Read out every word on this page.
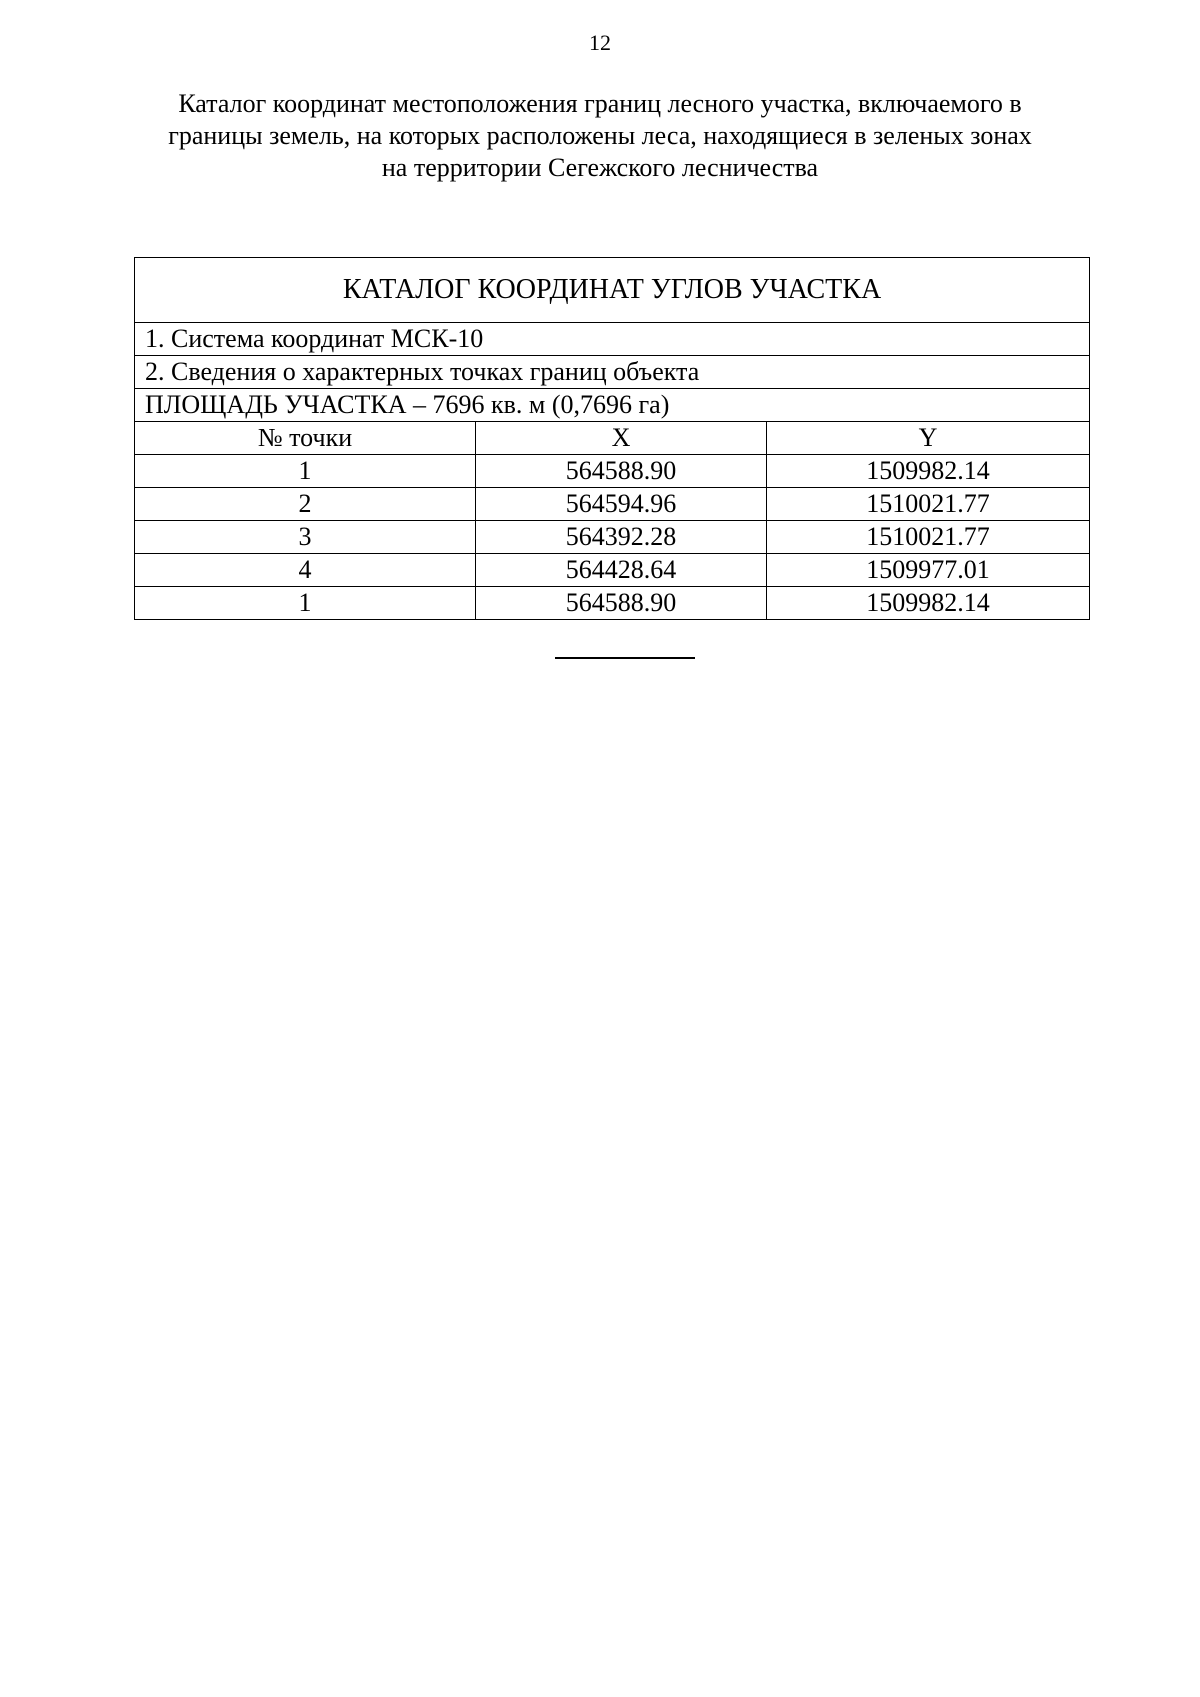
12
Каталог координат местоположения границ лесного участка, включаемого в
границы земель, на которых расположены леса, находящиеся в зеленых зонах
на территории Сегежского лесничества
КАТАЛОГ КООРДИНАТ УГЛОВ УЧАСТКА		
1. Система координат МСК-10		
2. Сведения о характерных точках границ объекта		
ПЛОЩАДЬ УЧАСТКА – 7696 кв. м (0,7696 га)		
№ точки	X	Y
1	564588.90	1509982.14
2	564594.96	1510021.77
3	564392.28	1510021.77
4	564428.64	1509977.01
1	564588.90	1509982.14
